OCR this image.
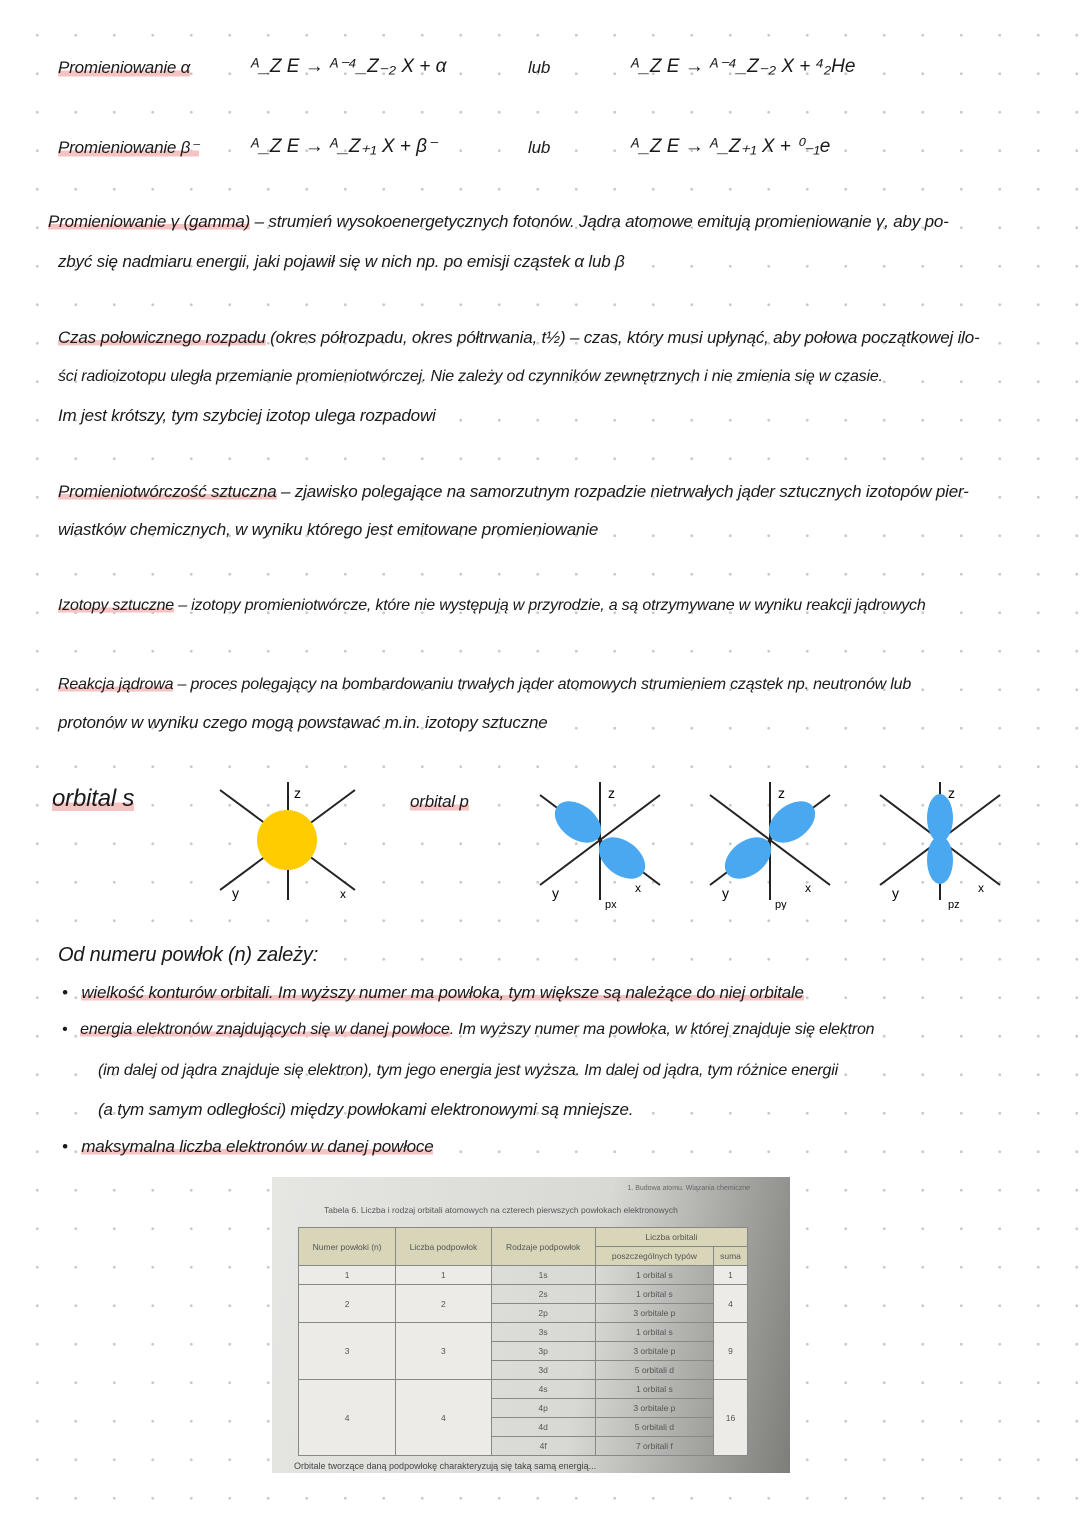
Promieniowanie α	ᴬ_Z E → ᴬ⁻⁴_Z₋₂ X + α	lub	ᴬ_Z E → ᴬ⁻⁴_Z₋₂ X + ⁴₂He
Promieniowanie β⁻	ᴬ_Z E → ᴬ_Z₊₁ X + β⁻	lub	ᴬ_Z E → ᴬ_Z₊₁ X + ⁰₋₁e
Promieniowanie γ (gamma) – strumień wysokoenergetycznych fotonów. Jądra atomowe emitują promieniowanie γ, aby po-
zbyć się nadmiaru energii, jaki pojawił się w nich np. po emisji cząstek α lub β
Czas połowicznego rozpadu (okres półrozpadu, okres półtrwania, t½) – czas, który musi upłynąć, aby połowa początkowej ilo-
ści radioizotopu uległa przemianie promieniotwórczej. Nie zależy od czynników zewnętrznych i nie zmienia się w czasie.
Im jest krótszy, tym szybciej izotop ulega rozpadowi
Promieniotwórczość sztuczna – zjawisko polegające na samorzutnym rozpadzie nietrwałych jąder sztucznych izotopów pier-
wiastków chemicznych, w wyniku którego jest emitowane promieniowanie
Izotopy sztuczne – izotopy promieniotwórcze, które nie występują w przyrodzie, a są otrzymywane w wyniku reakcji jądrowych
Reakcja jądrowa – proces polegający na bombardowaniu trwałych jąder atomowych strumieniem cząstek np. neutronów lub
protonów w wyniku czego mogą powstawać m.in. izotopy sztuczne
orbital s	orbital p
z
y	x
z
y	x
px
z
y	x
py
z
y	x
pz
Od numeru powłok (n) zależy:
•   wielkość konturów orbitali. Im wyższy numer ma powłoka, tym większe są należące do niej orbitale
•   energia elektronów znajdujących się w danej powłoce. Im wyższy numer ma powłoka, w której znajduje się elektron
(im dalej od jądra znajduje się elektron), tym jego energia jest wyższa. Im dalej od jądra, tym różnice energii
(a tym samym odległości) między powłokami elektronowymi są mniejsze.
•   maksymalna liczba elektronów w danej powłoce
1. Budowa atomu. Wiązania chemiczne
Tabela 6. Liczba i rodzaj orbitali atomowych na czterech pierwszych powłokach elektronowych
Numer powłoki (n)	Liczba podpowłok	Rodzaje podpowłok	Liczba orbitali	
			poszczególnych typów	suma
1	1	1s	1 orbital s	1
2	2	2s	1 orbital s	4
		2p	3 orbitale p	
3	3	3s	1 orbital s	9
		3p	3 orbitale p	
		3d	5 orbitali d	
4	4	4s	1 orbital s	16
		4p	3 orbitale p	
		4d	5 orbitali d	
		4f	7 orbitali f	
Orbitale tworzące daną podpowłokę charakteryzują się taką samą energią...
